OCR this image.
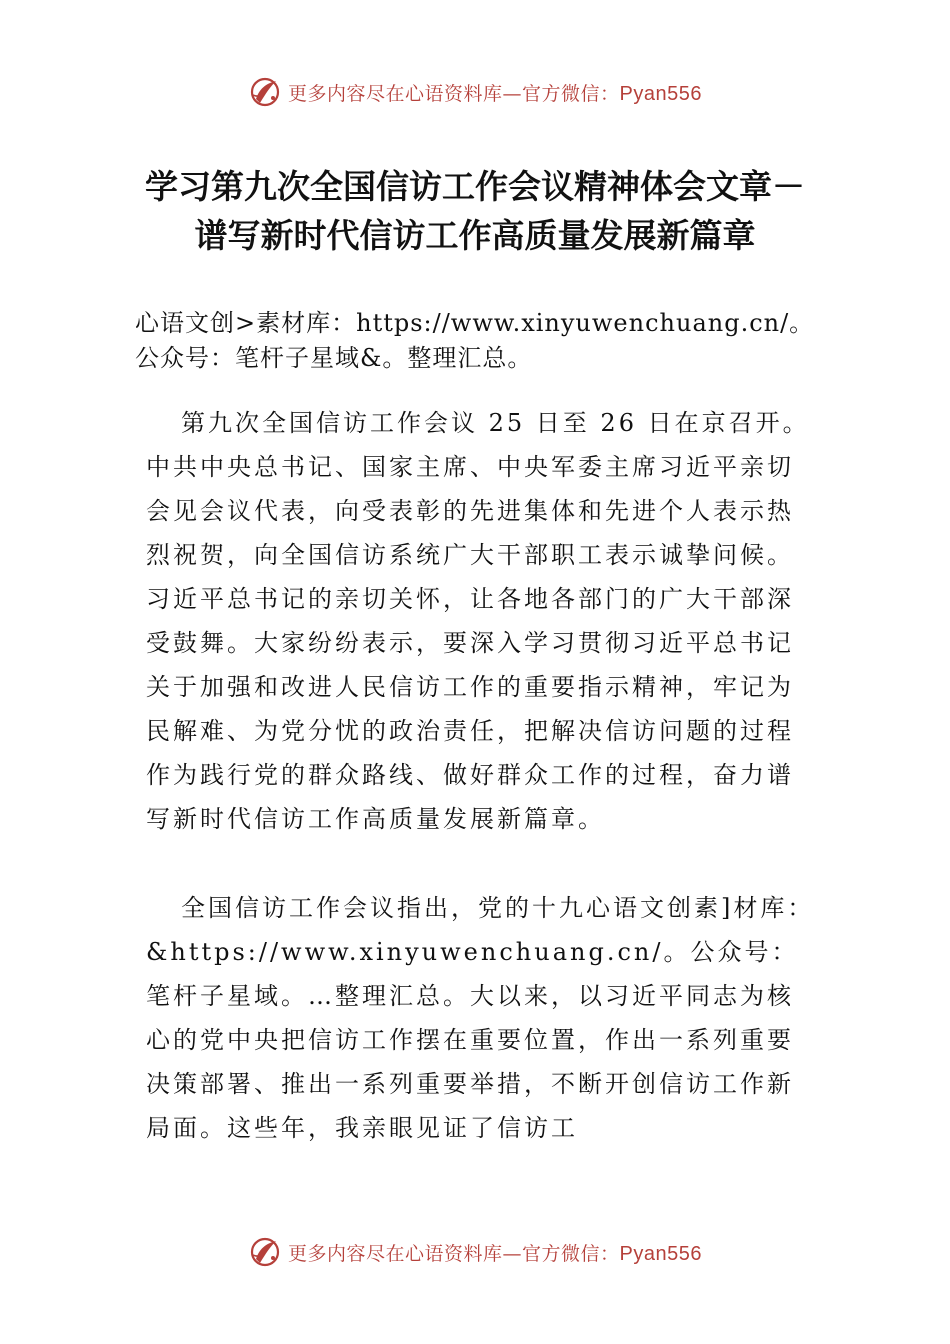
更多内容尽在心语资料库—官方微信：Pyan556
学习第九次全国信访工作会议精神体会文章－谱写新时代信访工作高质量发展新篇章

心语文创>素材库：https://www.xinyuwenchuang.cn/。公众号：笔杆子星域&。整理汇总。

第九次全国信访工作会议 25 日至 26 日在京召开。中共中央总书记、国家主席、中央军委主席习近平亲切会见会议代表，向受表彰的先进集体和先进个人表示热烈祝贺，向全国信访系统广大干部职工表示诚挚问候。习近平总书记的亲切关怀，让各地各部门的广大干部深受鼓舞。大家纷纷表示，要深入学习贯彻习近平总书记关于加强和改进人民信访工作的重要指示精神，牢记为民解难、为党分忧的政治责任，把解决信访问题的过程作为践行党的群众路线、做好群众工作的过程，奋力谱写新时代信访工作高质量发展新篇章。

全国信访工作会议指出，党的十九心语文创素]材库：&https://www.xinyuwenchuang.cn/。公众号：笔杆子星域。…整理汇总。大以来，以习近平同志为核心的党中央把信访工作摆在重要位置，作出一系列重要决策部署、推出一系列重要举措，不断开创信访工作新局面。这些年，我亲眼见证了信访工

更多内容尽在心语资料库—官方微信：Pyan556
